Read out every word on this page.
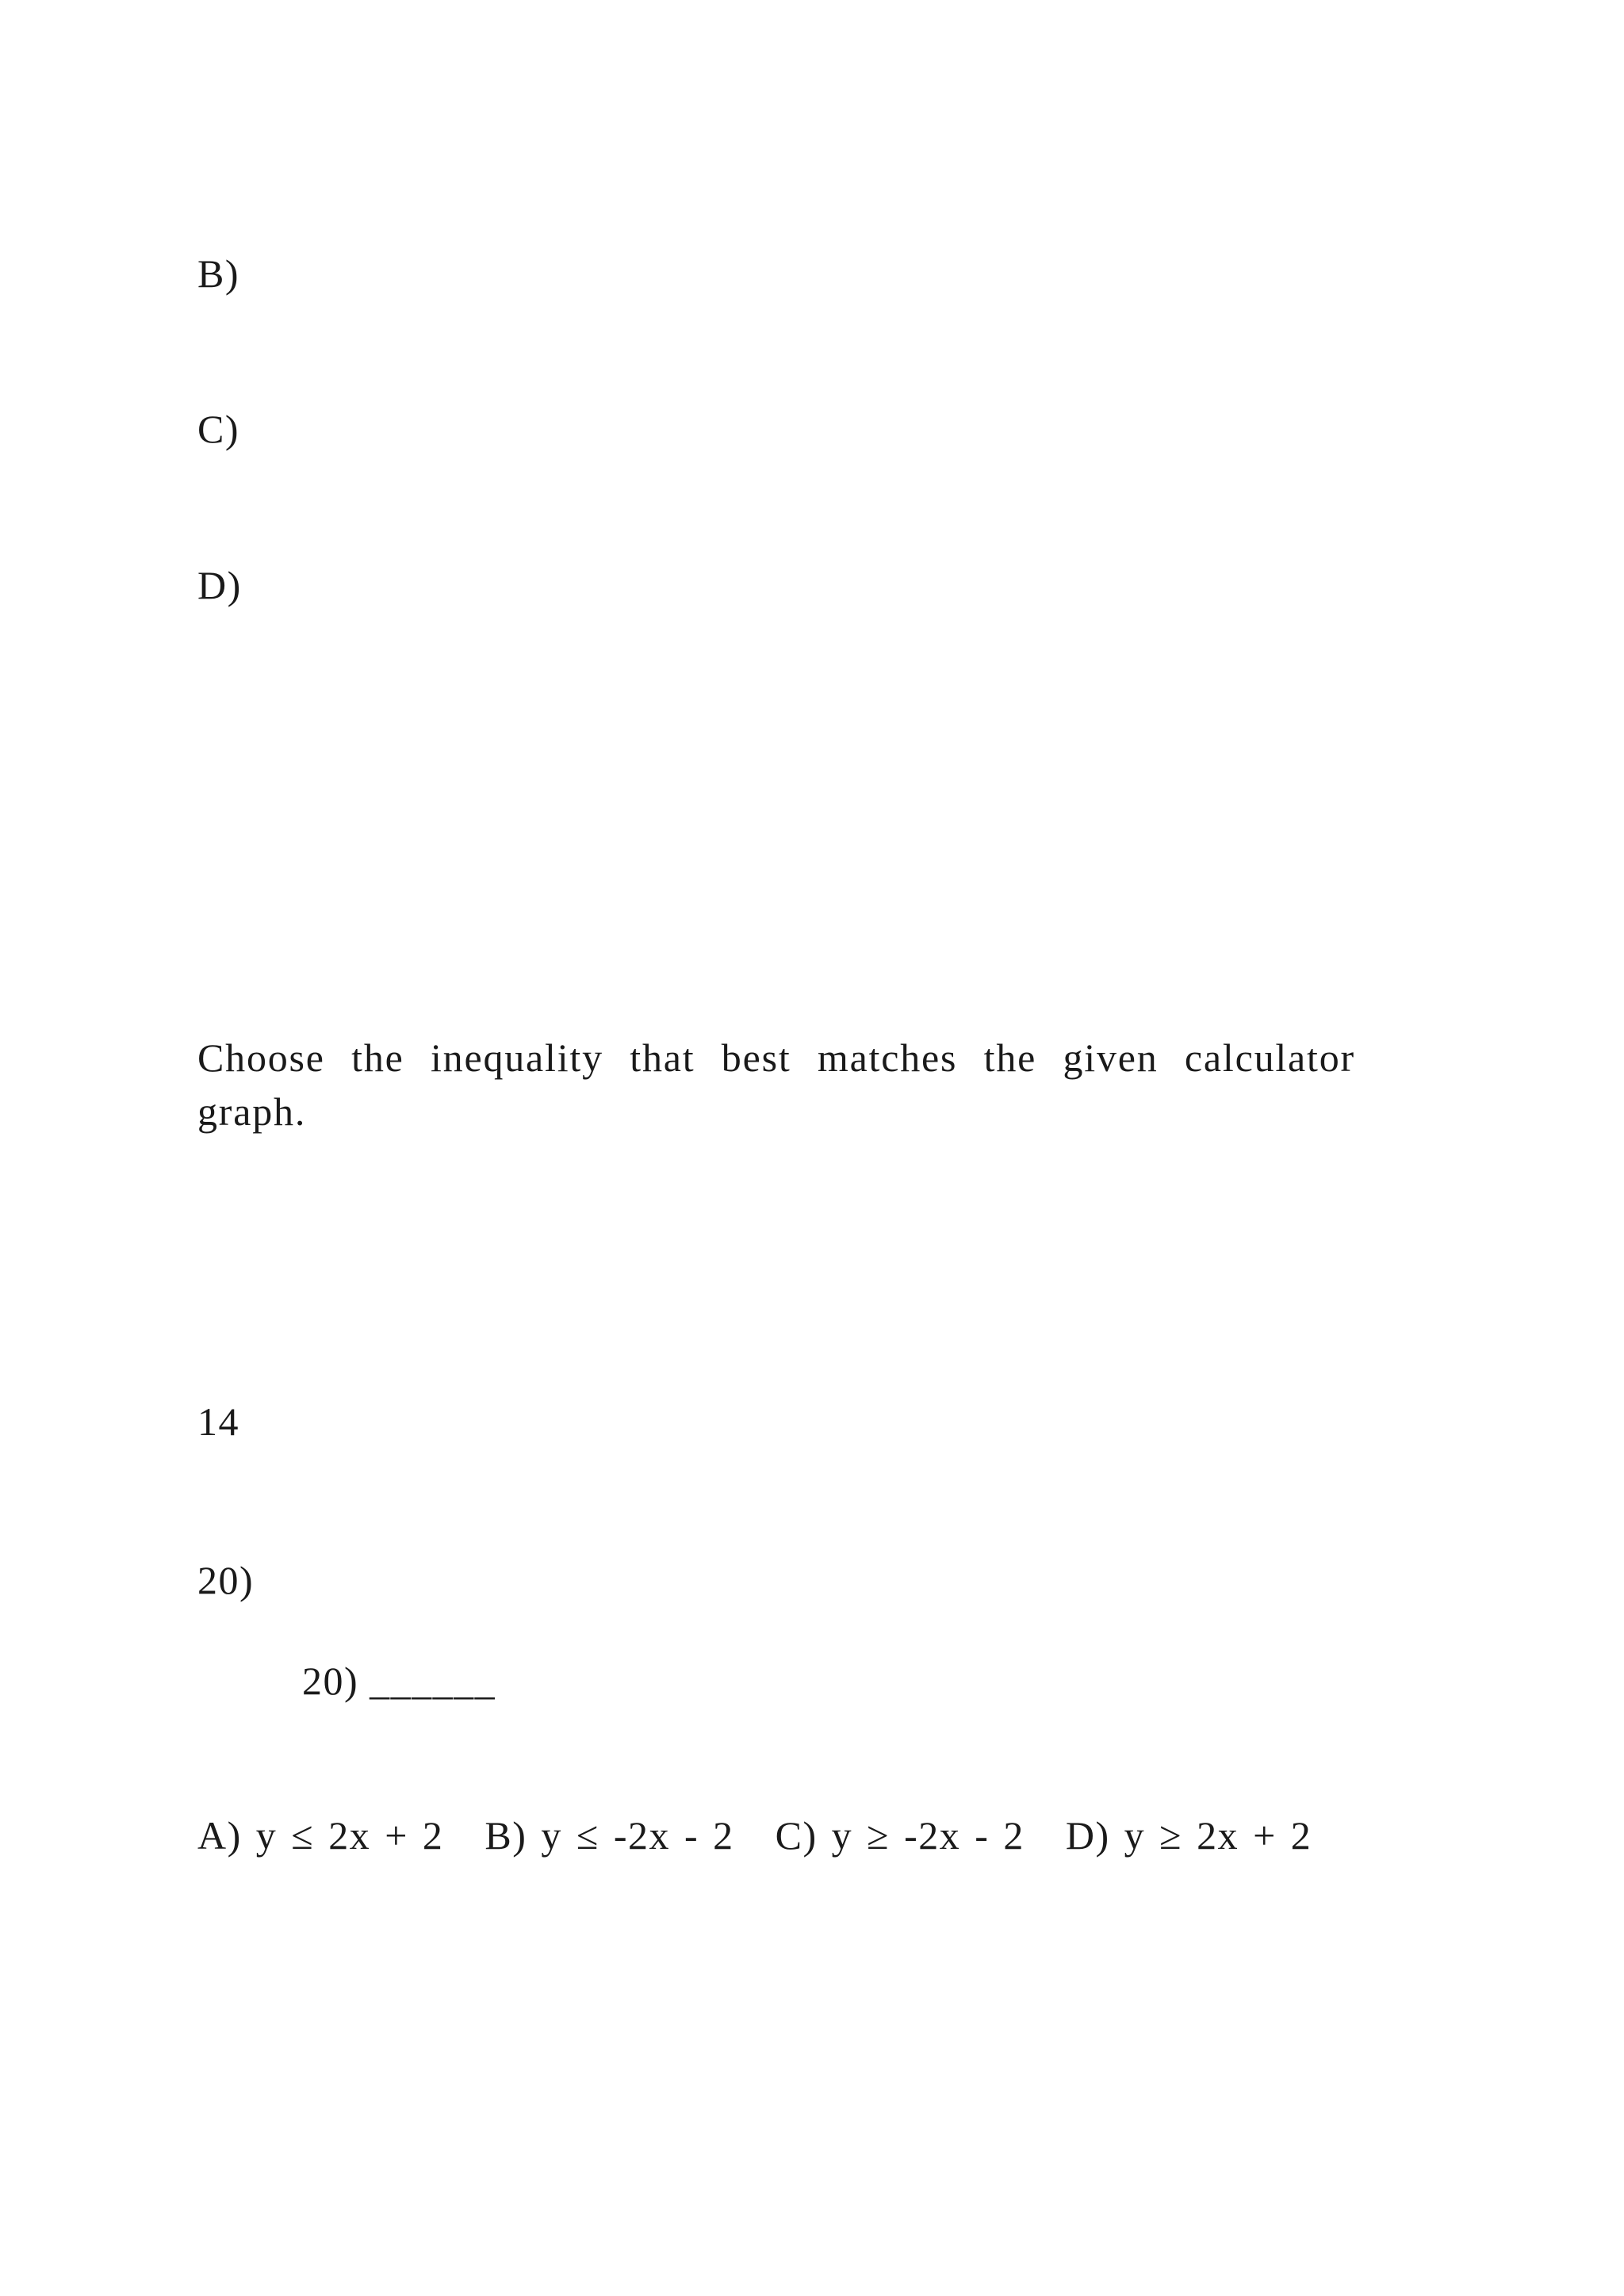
B)
C)
D)
Choose the inequality that best matches the given calculator graph.
14
20)
20) ______
A) y ≤ 2x + 2 B) y ≤ -2x - 2 C) y ≥ -2x - 2 D) y ≥ 2x + 2
